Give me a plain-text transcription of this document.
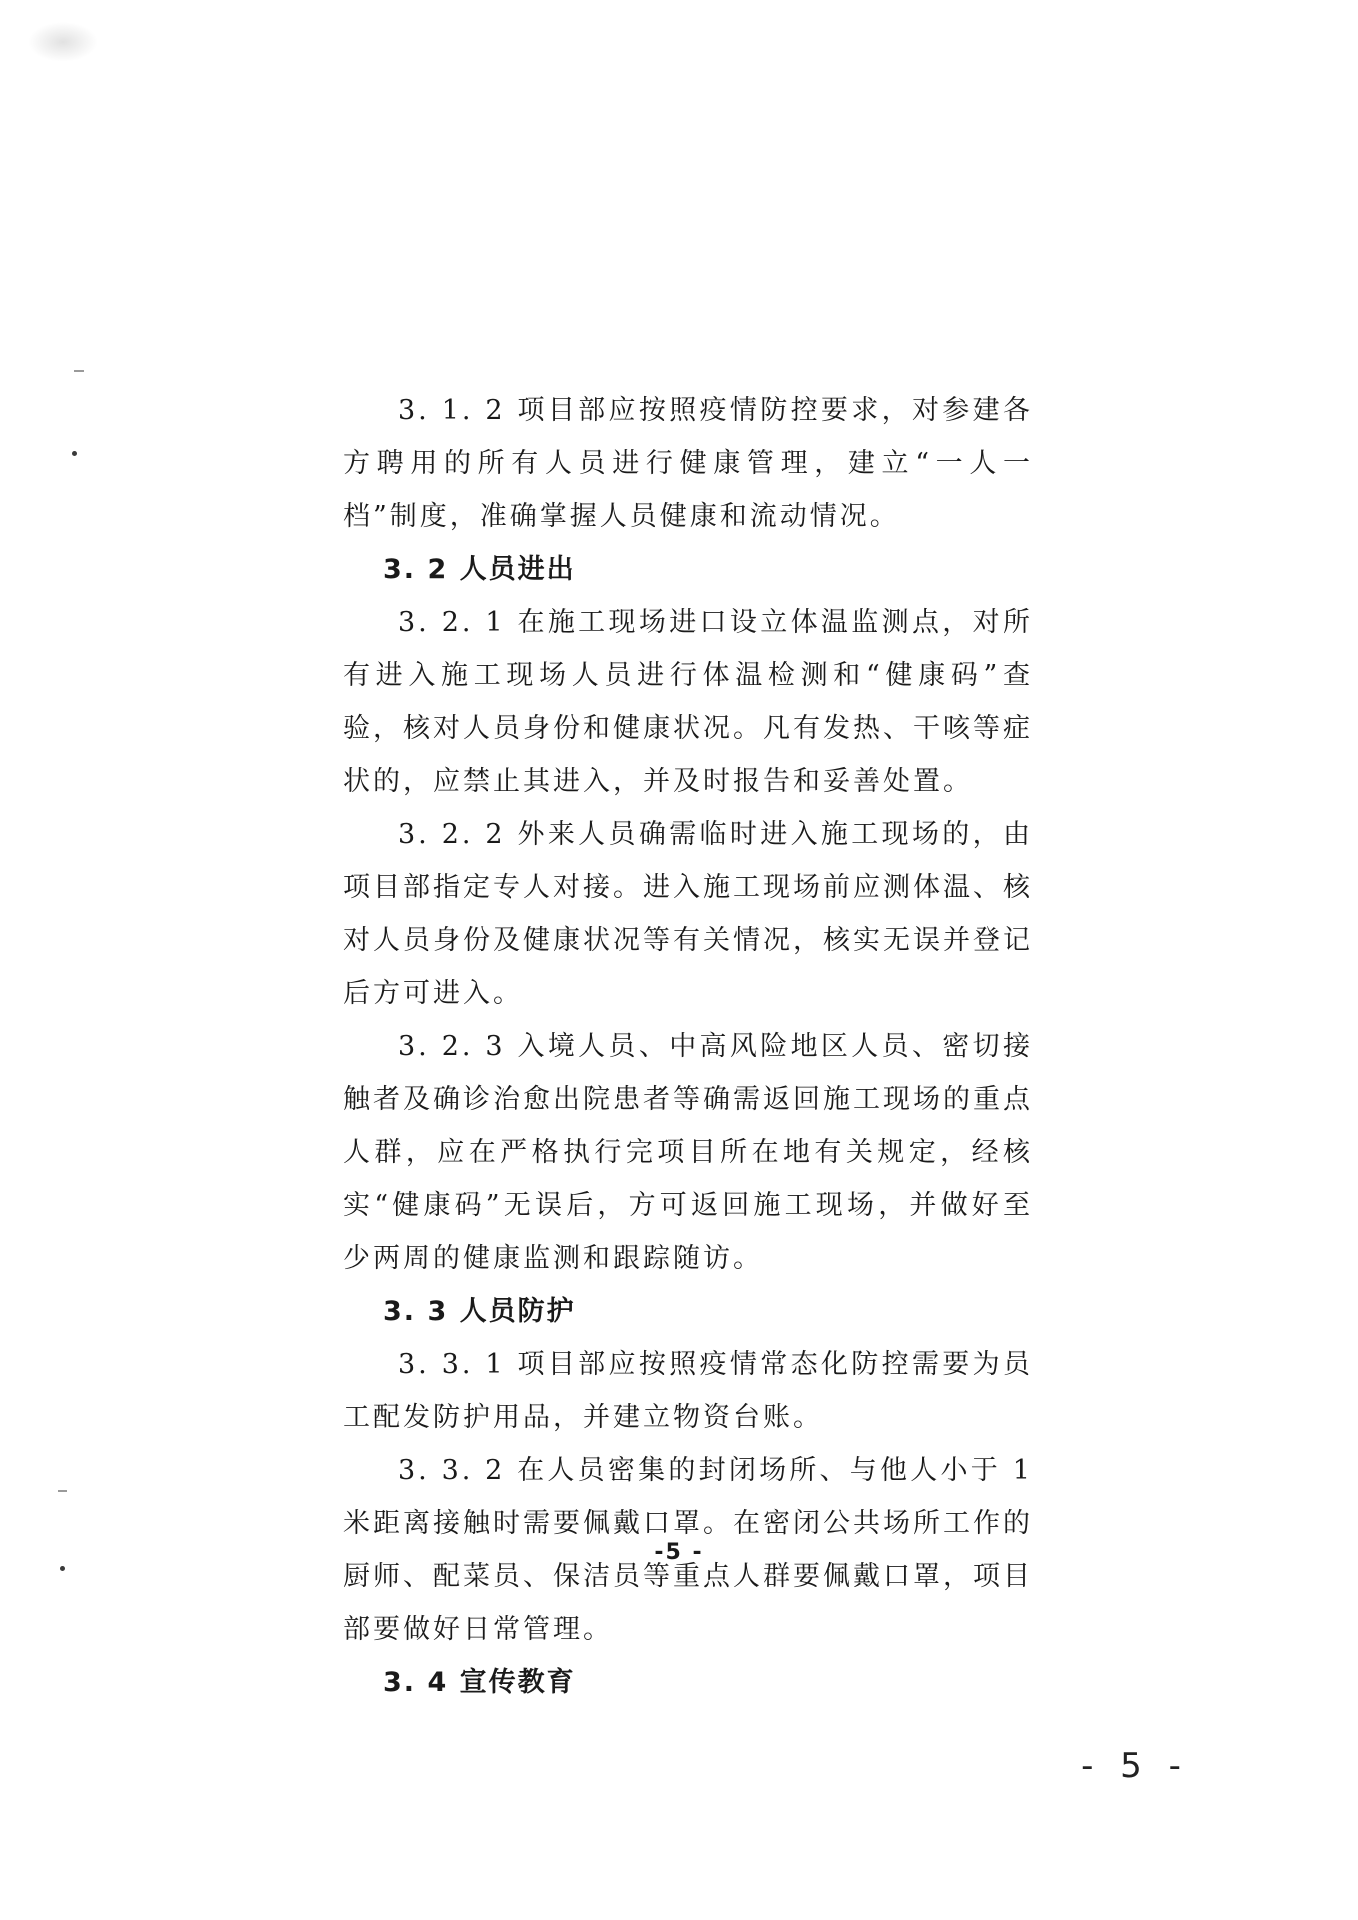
3. 1. 2 项目部应按照疫情防控要求，对参建各方聘用的所有人员进行健康管理，建立“一人一档”制度，准确掌握人员健康和流动情况。

3. 2 人员进出

3. 2. 1 在施工现场进口设立体温监测点，对所有进入施工现场人员进行体温检测和“健康码”查验，核对人员身份和健康状况。凡有发热、干咳等症状的，应禁止其进入，并及时报告和妥善处置。

3. 2. 2 外来人员确需临时进入施工现场的，由项目部指定专人对接。进入施工现场前应测体温、核对人员身份及健康状况等有关情况，核实无误并登记后方可进入。

3. 2. 3 入境人员、中高风险地区人员、密切接触者及确诊治愈出院患者等确需返回施工现场的重点人群，应在严格执行完项目所在地有关规定，经核实“健康码”无误后，方可返回施工现场，并做好至少两周的健康监测和跟踪随访。

3. 3 人员防护

3. 3. 1 项目部应按照疫情常态化防控需要为员工配发防护用品，并建立物资台账。

3. 3. 2 在人员密集的封闭场所、与他人小于 1 米距离接触时需要佩戴口罩。在密闭公共场所工作的厨师、配菜员、保洁员等重点人群要佩戴口罩，项目部要做好日常管理。

3. 4 宣传教育

-5 -
- 5 -
